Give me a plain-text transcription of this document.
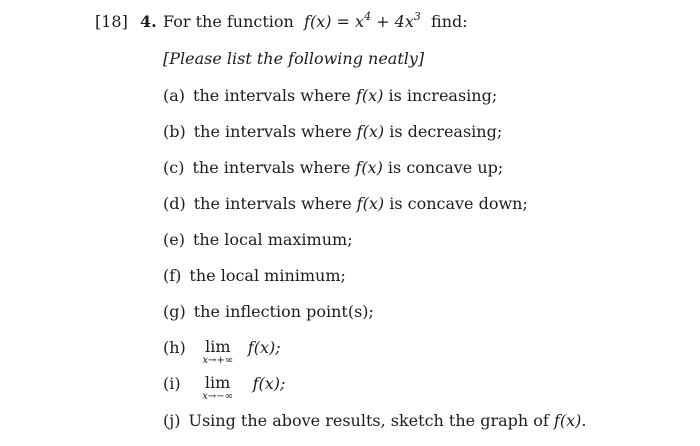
[18] 4. For the function $f(x) = x^4 + 4x^3$ find:
[Please list the following neatly]
(a) the intervals where f(x) is increasing;
(b) the intervals where f(x) is decreasing;
(c) the intervals where f(x) is concave up;
(d) the intervals where f(x) is concave down;
(e) the local maximum;
(f) the local minimum;
(g) the inflection point(s);
(h)	lim
x→+∞
f(x);
(i)	lim
x→−∞
f(x);
(j) Using the above results, sketch the graph of f(x).
